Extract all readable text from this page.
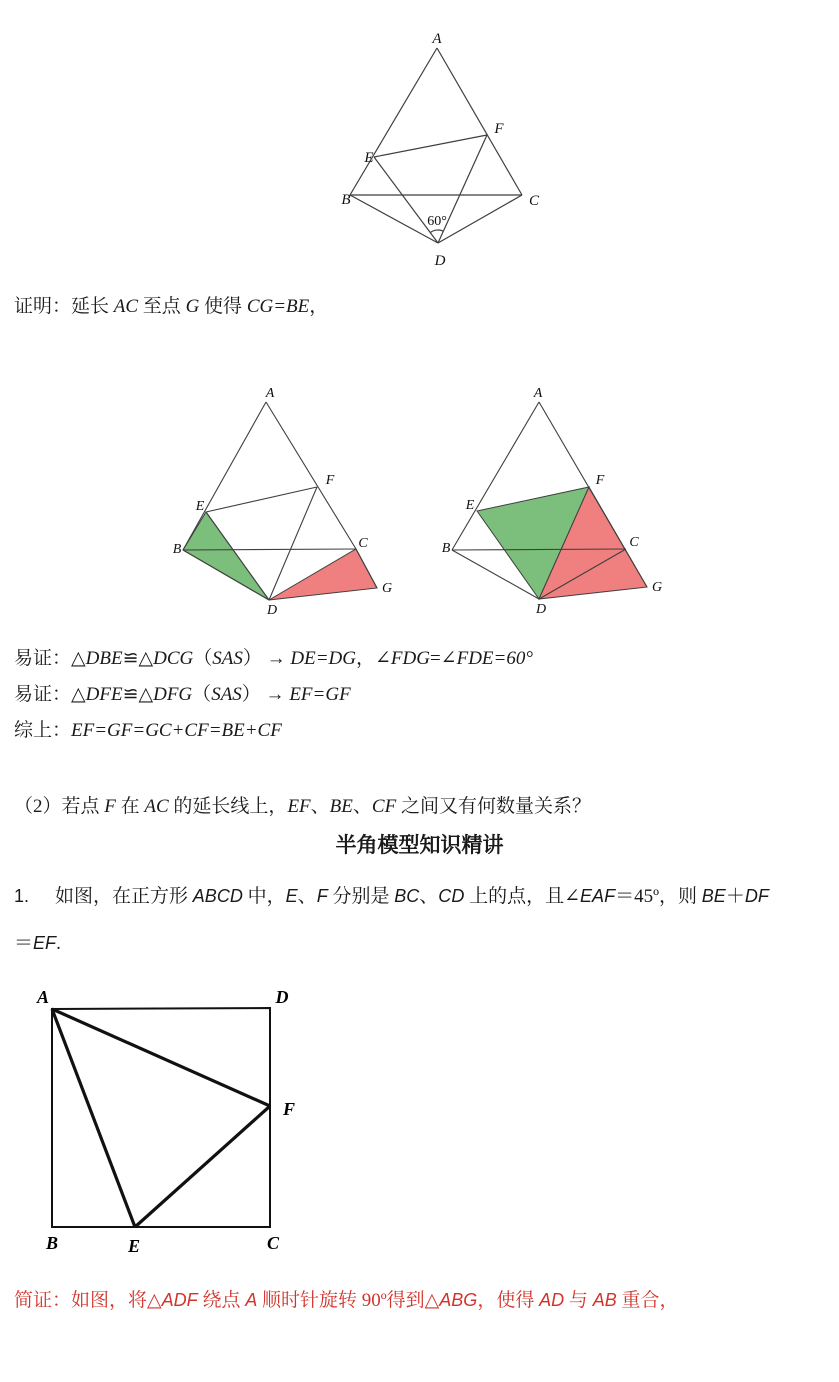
A
B	C
D
E
F
60°
证明：延长 AC 至点 G 使得 CG=BE，
A
E
B	C
D
F
G
A
E
B	C
D
F
G
易证：△DBE≌△DCG（SAS） → DE=DG，∠FDG=∠FDE=60°
易证：△DFE≌△DFG（SAS） → EF=GF
综上：EF=GF=GC+CF=BE+CF
（2）若点 F 在 AC 的延长线上，EF、BE、CF 之间又有何数量关系？
半角模型知识精讲
1. 如图，在正方形 ABCD 中，E、F 分别是 BC、CD 上的点，且∠EAF＝45º，则 BE＋DF
＝EF.
A	D
B	E	C
F
简证：如图，将△ADF 绕点 A 顺时针旋转 90º得到△ABG，使得 AD 与 AB 重合，
